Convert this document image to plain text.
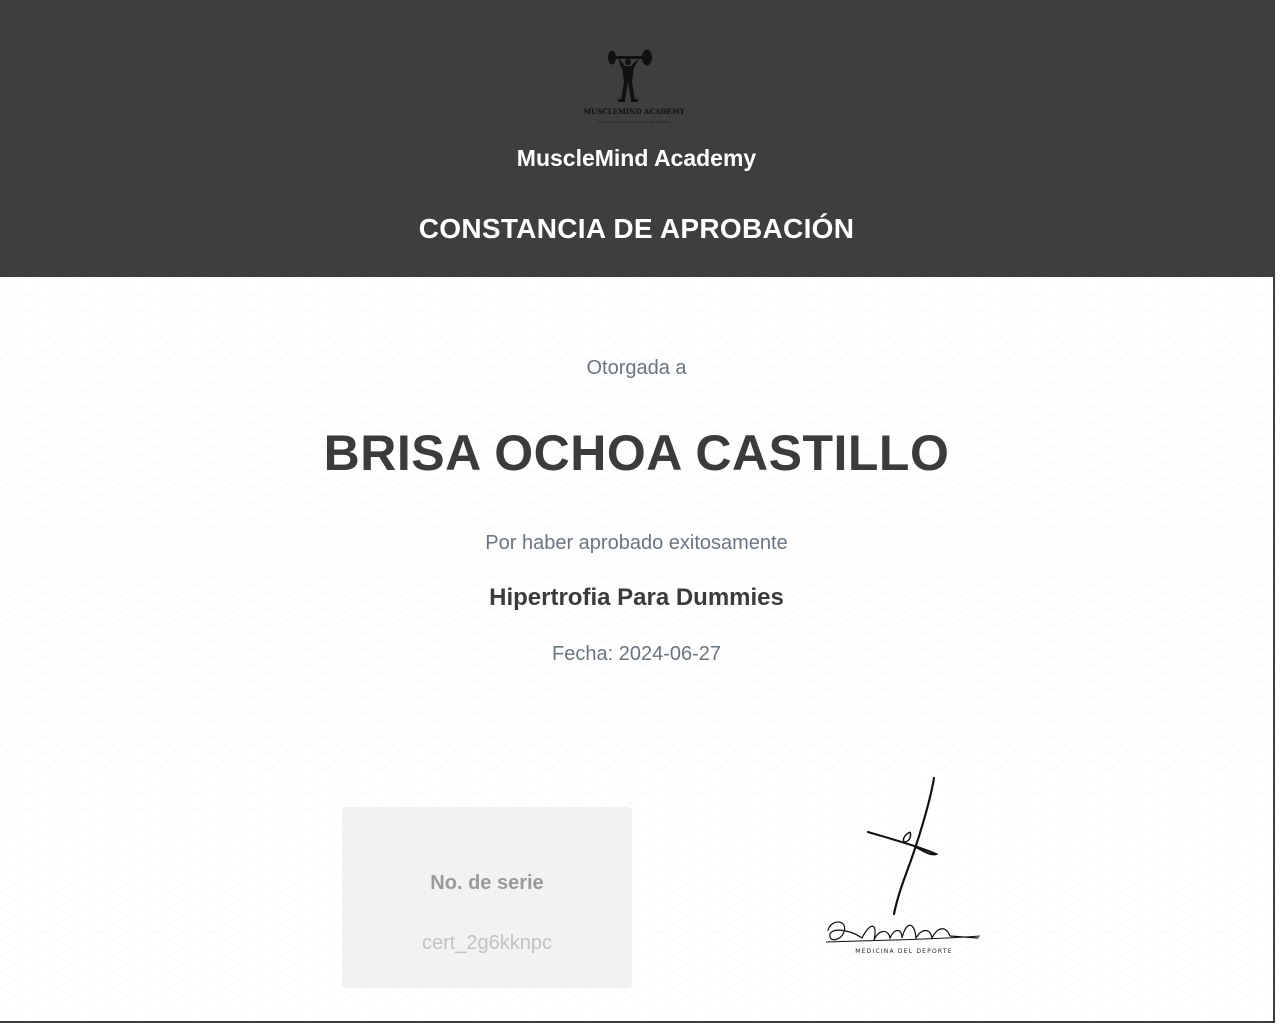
MUSCLEMIND ACADEMY
Science is the fuel, action is the ignition
MuscleMind Academy
CONSTANCIA DE APROBACIÓN
Otorgada a
BRISA OCHOA CASTILLO
Por haber aprobado exitosamente
Hipertrofia Para Dummies
Fecha: 2024-06-27
No. de serie
cert_2g6kknpc	MEDICINA DEL DEPORTE
